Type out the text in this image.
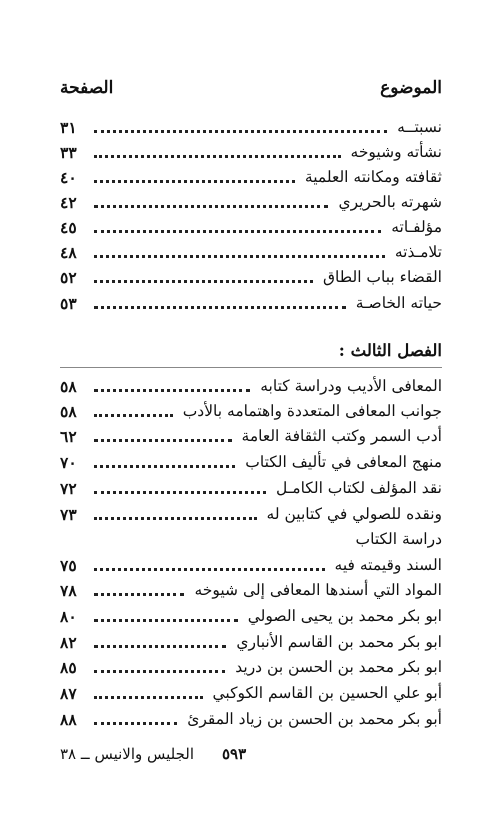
الموضوع
الصفحة
نسبتــه
٣١
نشأته وشيوخه
٣٣
ثقافته ومكانته العلمية
٤٠
شهرته بالحريري
٤٢
مؤلفـاته
٤٥
تلامـذته
٤٨
القضاء بباب الطاق
٥٢
حياته الخاصـة
٥٣
الفصل الثالث :
المعافى الأديب ودراسة كتابه
٥٨
جوانب المعافى المتعددة واهتمامه بالأدب
٥٨
أدب السمر وكتب الثقافة العامة
٦٢
منهج المعافى في تأليف الكتاب
٧٠
نقد المؤلف لكتاب الكامـل
٧٢
ونقده للصولي في كتابين له
٧٣
دراسة الكتاب
السند وقيمته فيه
٧٥
المواد التي أسندها المعافى إلى شيوخه
٧٨
ابو بكر محمد بن يحيى الصولي
٨٠
ابو بكر محمد بن القاسم الأنباري
٨٢
ابو بكر محمد بن الحسن بن دريد
٨٥
أبو علي الحسين بن القاسم الكوكبي
٨٧
أبو بكر محمد بن الحسن بن زياد المقرئ
٨٨
الجليس والانيس ــ ٣٨ ٥٩٣
